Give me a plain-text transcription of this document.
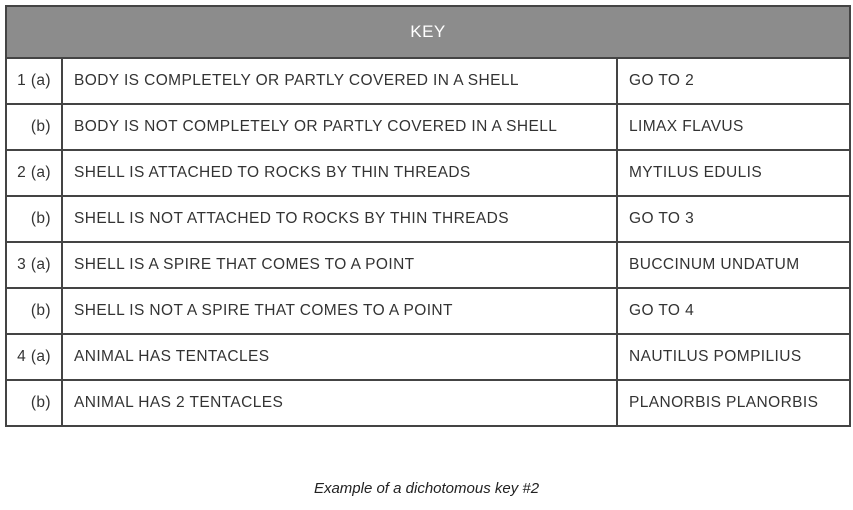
KEY		
1 (a)	BODY IS COMPLETELY OR PARTLY COVERED IN A SHELL	GO TO 2
(b)	BODY IS NOT COMPLETELY OR PARTLY COVERED IN A SHELL	LIMAX FLAVUS
2 (a)	SHELL IS ATTACHED TO ROCKS BY THIN THREADS	MYTILUS EDULIS
(b)	SHELL IS NOT ATTACHED TO ROCKS BY THIN THREADS	GO TO 3
3 (a)	SHELL IS A SPIRE THAT COMES TO A POINT	BUCCINUM UNDATUM
(b)	SHELL IS NOT A SPIRE THAT COMES TO A POINT	GO TO 4
4 (a)	ANIMAL HAS TENTACLES	NAUTILUS POMPILIUS
(b)	ANIMAL HAS 2 TENTACLES	PLANORBIS PLANORBIS
Example of a dichotomous key #2
